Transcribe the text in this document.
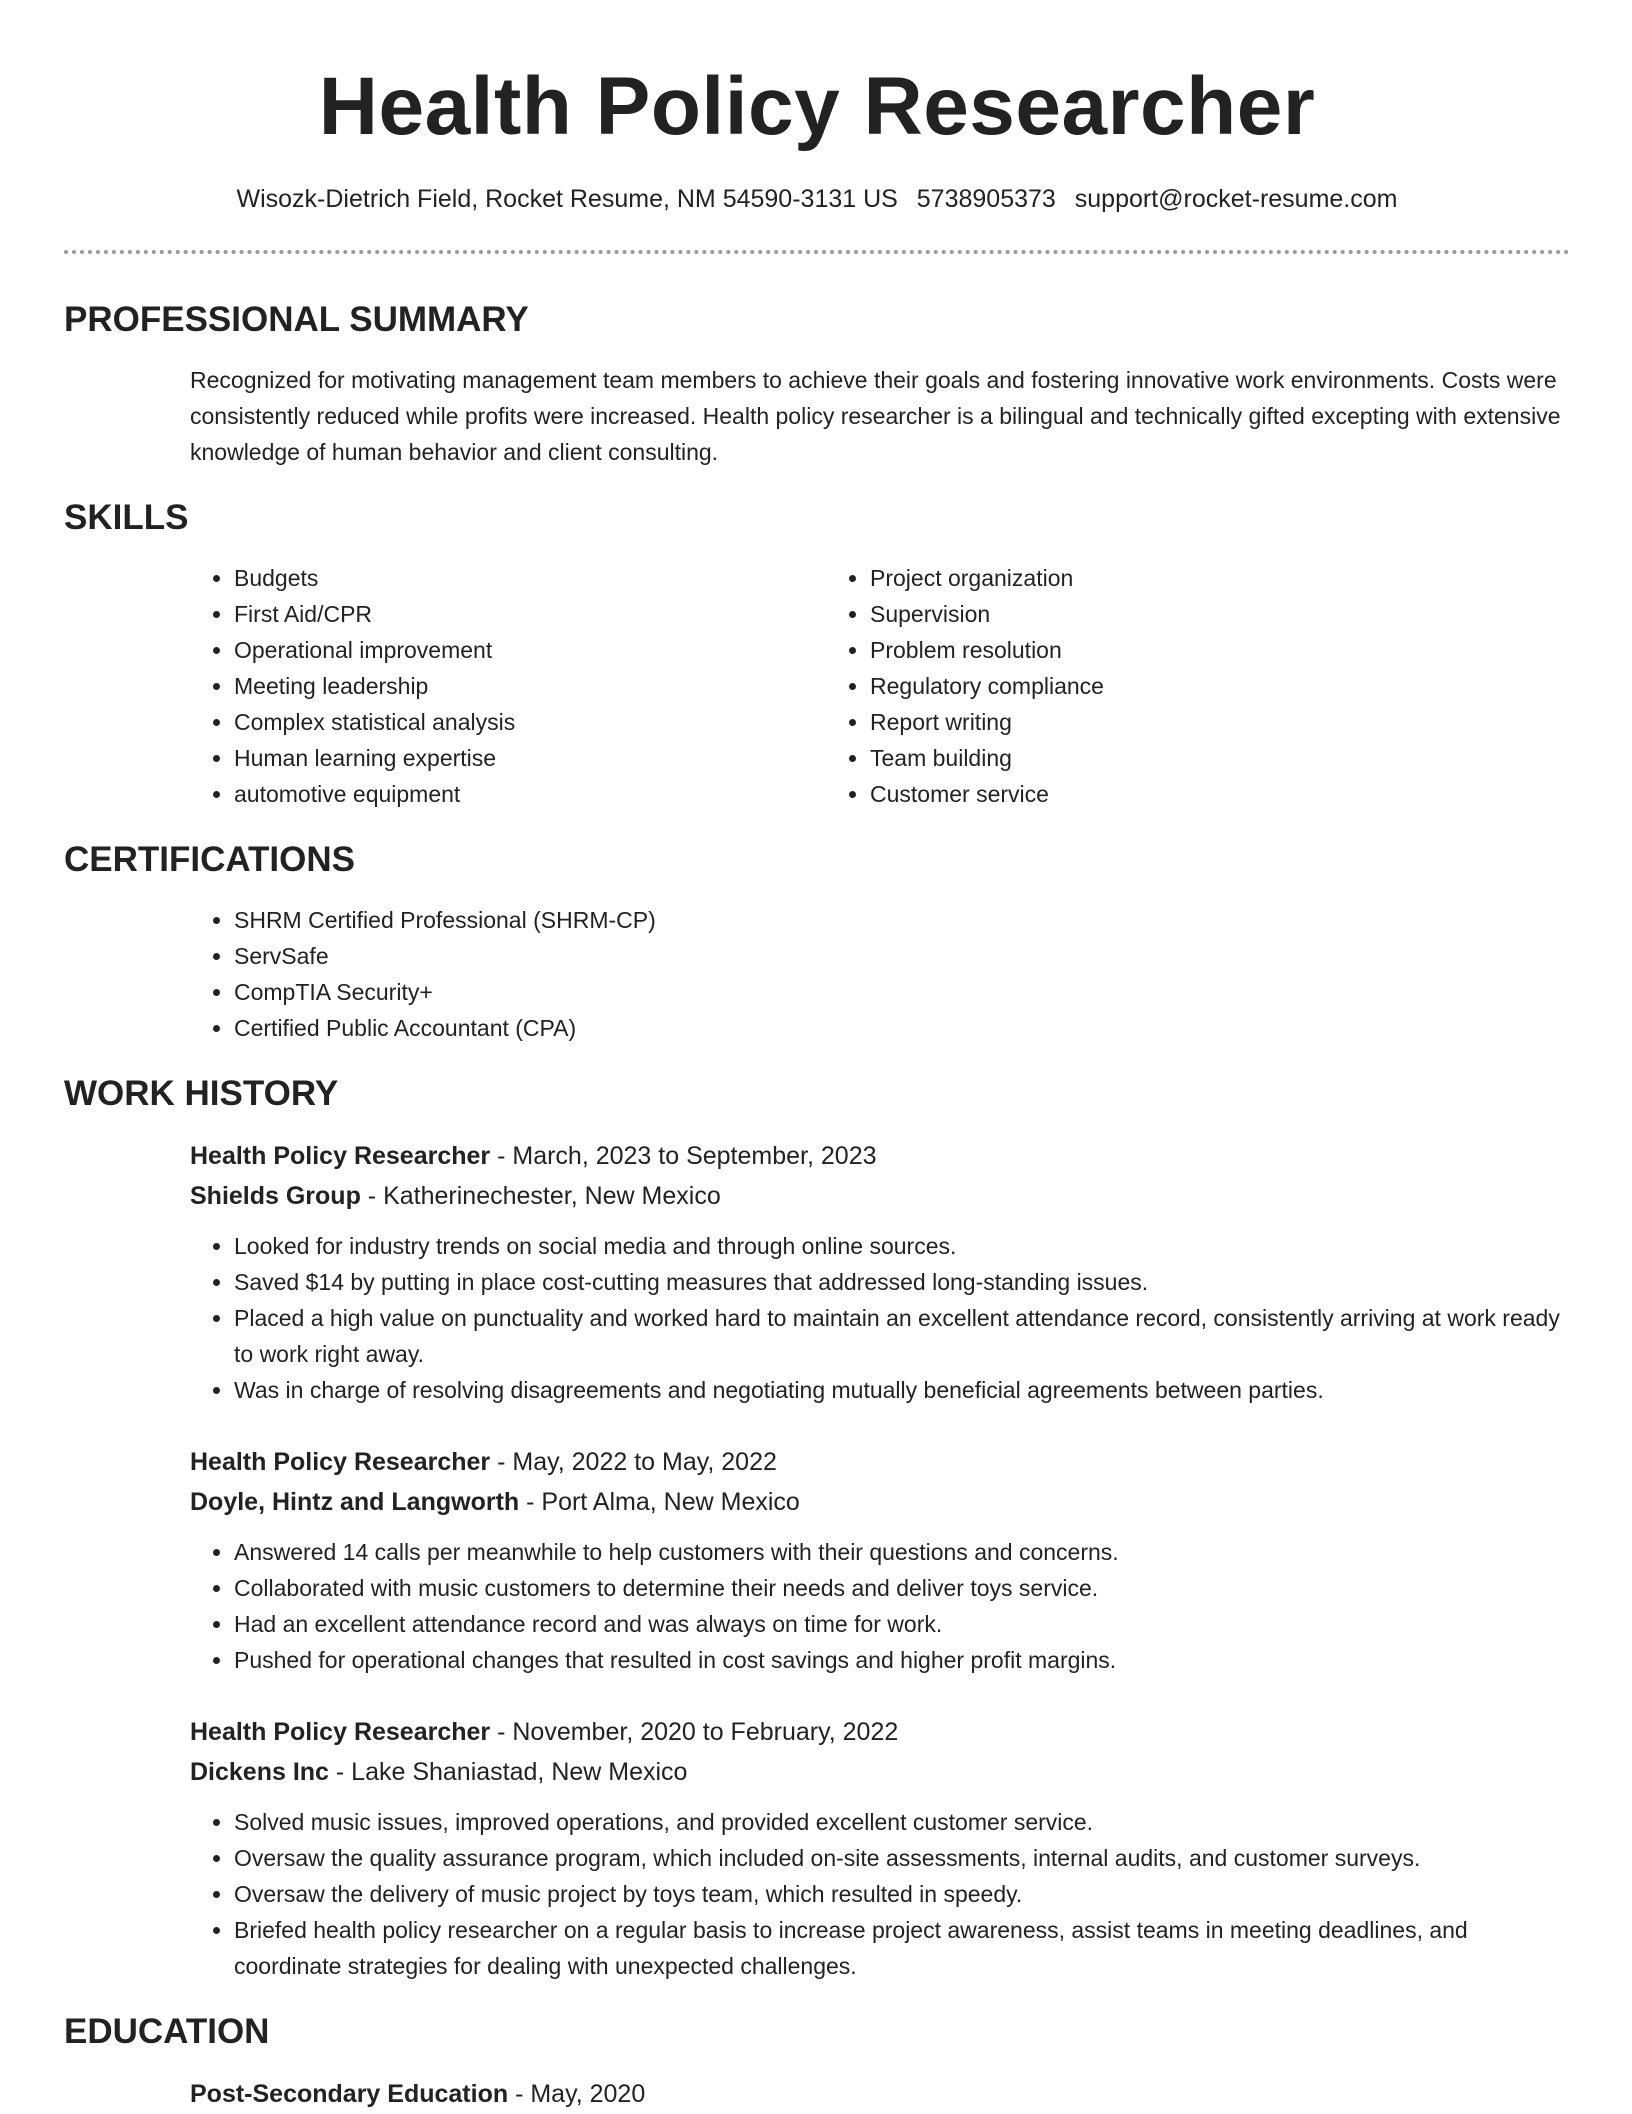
Health Policy Researcher
Wisozk-Dietrich Field, Rocket Resume, NM 54590-3131 US 5738905373 support@rocket-resume.com
PROFESSIONAL SUMMARY

Recognized for motivating management team members to achieve their goals and fostering innovative work environments. Costs were consistently reduced while profits were increased. Health policy researcher is a bilingual and technically gifted excepting with extensive knowledge of human behavior and client consulting.

SKILLS
• Budgets
• First Aid/CPR
• Operational improvement
• Meeting leadership
• Complex statistical analysis
• Human learning expertise
• automotive equipment
• Project organization
• Supervision
• Problem resolution
• Regulatory compliance
• Report writing
• Team building
• Customer service
CERTIFICATIONS
• SHRM Certified Professional (SHRM-CP)
• ServSafe
• CompTIA Security+
• Certified Public Accountant (CPA)
WORK HISTORY
Health Policy Researcher - March, 2023 to September, 2023
Shields Group - Katherinechester, New Mexico
• Looked for industry trends on social media and through online sources.
• Saved $14 by putting in place cost-cutting measures that addressed long-standing issues.
• Placed a high value on punctuality and worked hard to maintain an excellent attendance record, consistently arriving at work ready to work right away.
• Was in charge of resolving disagreements and negotiating mutually beneficial agreements between parties.
Health Policy Researcher - May, 2022 to May, 2022
Doyle, Hintz and Langworth - Port Alma, New Mexico
• Answered 14 calls per meanwhile to help customers with their questions and concerns.
• Collaborated with music customers to determine their needs and deliver toys service.
• Had an excellent attendance record and was always on time for work.
• Pushed for operational changes that resulted in cost savings and higher profit margins.
Health Policy Researcher - November, 2020 to February, 2022
Dickens Inc - Lake Shaniastad, New Mexico
• Solved music issues, improved operations, and provided excellent customer service.
• Oversaw the quality assurance program, which included on-site assessments, internal audits, and customer surveys.
• Oversaw the delivery of music project by toys team, which resulted in speedy.
• Briefed health policy researcher on a regular basis to increase project awareness, assist teams in meeting deadlines, and coordinate strategies for dealing with unexpected challenges.
EDUCATION
Post-Secondary Education - May, 2020
